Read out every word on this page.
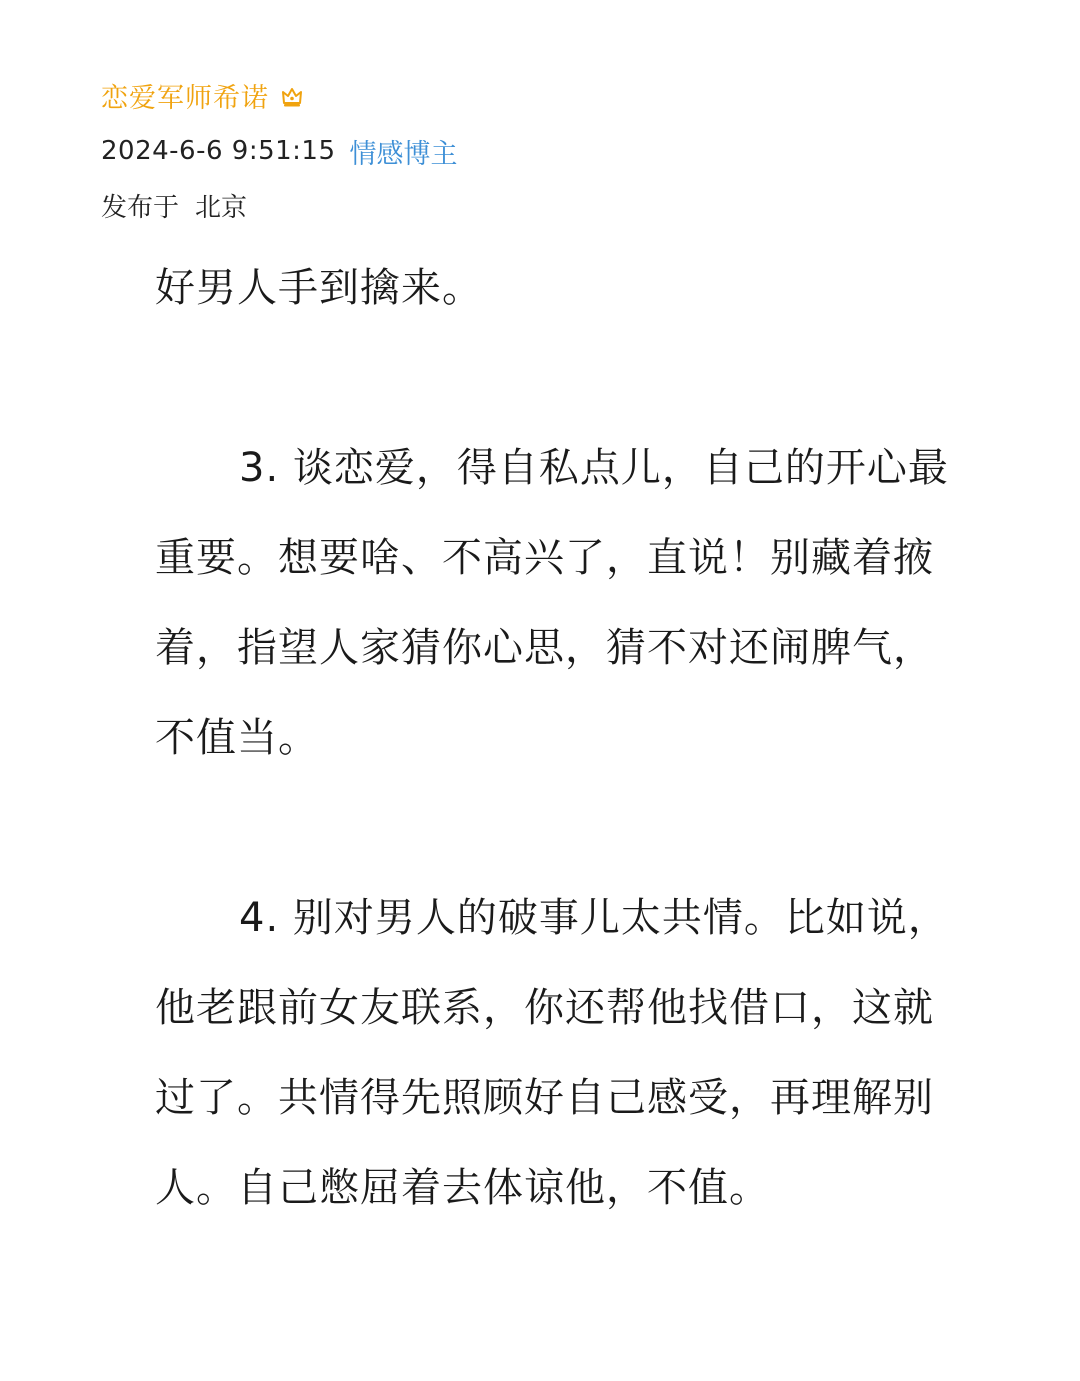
恋爱军师希诺
2024-6-6 9:51:15 情感博主
发布于 北京

好男人手到擒来。

3. 谈恋爱，得自私点儿，自己的开心最重要。想要啥、不高兴了，直说！别藏着掖着，指望人家猜你心思，猜不对还闹脾气，不值当。

4. 别对男人的破事儿太共情。比如说，他老跟前女友联系，你还帮他找借口，这就过了。共情得先照顾好自己感受，再理解别人。自己憋屈着去体谅他，不值。
